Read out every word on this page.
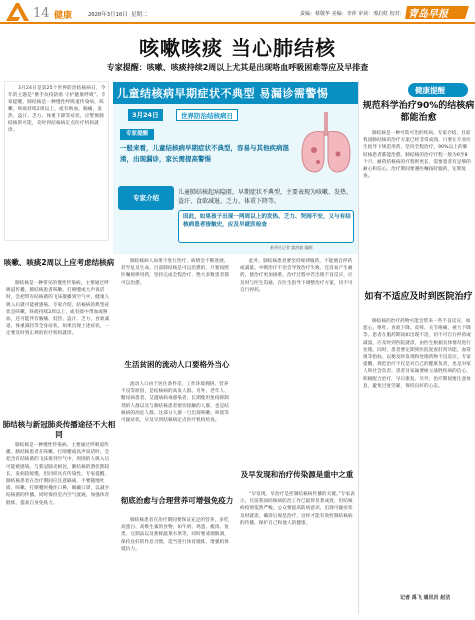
14 健康	2020年3月10日 星期二	责编：蔡敬华 美编：李萍 审读：邢启虹 校对： 青岛早报
咳嗽咳痰 当心肺结核
专家提醒：咳嗽、咳痰持续2周以上尤其是出现咯血呼吸困难等应及早排查
3月24日是第25个世界防治结核病日，今年的主题是“携手抗疫防痨 守护健康呼吸”。专家提醒，肺结核是一种慢性呼吸道传染病，咳嗽、咳痰持续2周以上，或有咯血、胸痛、发热、盗汗、乏力、体重下降等症状，应警惕肺结核的可能，及时到结核病定点医疗机构就诊。
儿童结核病早期症状不典型 易漏诊需警惕
3月24日	世界防治结核病日
专家提醒
一般来看，儿童结核病早期症状不典型，容易与其他疾病混淆，出现漏诊，家长需提高警惕
专家介绍
儿童肺结核起病隐匿，早期症状不典型，主要表现为咳嗽、发热、盗汗、食欲减退、乏力、体重下降等。
因此，如果孩子出现一两周以上的发热、乏力、哭闹不安，又与有结核病患者接触史，应及早就医检查
新华社记者 翁鸿毅 编制
健康提醒
规范科学治疗90%的结核病都能治愈

肺结核是一种可防可治的疾病。专家介绍，目前我国肺结核的治疗方案已经非常成熟，只要在专业医生指导下规范用药，坚持全程治疗，90%以上的肺结核患者都能治愈。肺结核的治疗疗程一般为6至8个月，耐药结核病的疗程则更长，需要患者有足够的耐心和信心。治疗期间要遵医嘱按时服药，定期复查。

如有不适应及时到医院治疗

肺结核的治疗药物可能会带来一些不良反应，如恶心、呕吐、食欲下降、皮疹、关节疼痛、视力下降等。患者在服药期间如出现不适，切不可自行停药或减量，应及时到医院就诊，由医生根据具体情况进行处理。同时，患者要定期到医院复查肝肾功能、血常规等指标，以便及时发现和处理药物不良反应。专家提醒，规范治疗不仅是对自己的健康负责，也是对家人和社会负责。患者及家属要树立战胜疾病的信心，积极配合治疗，早日康复。另外，治疗期间要注意休息，避免过度劳累，保持良好的心态。

记者 禹飞 通讯员 赵洁
咳嗽、咳痰2周以上应考虑结核病

肺结核是一种常见的慢性传染病，主要通过呼吸道传播。肺结核患者咳嗽、打喷嚏或大声说话时，会把带有结核菌的飞沫散播到空气中，健康人吸入后就可能被感染。专家介绍，结核病的典型症状是咳嗽、咳痰持续2周以上，或有痰中带血或咯血，还可能伴有胸痛、低热、盗汗、乏力、食欲减退、体重减轻等全身症状。如果出现上述症状，一定要及时到正规的医疗机构就诊。

肺结核与新冠肺炎传播途径不大相同

肺结核是一种慢性传染病，主要通过呼吸道传播。肺结核患者在咳嗽、打喷嚏或高声说话时，会把含有结核菌的飞沫排到空气中，周围的人吸入后可能被感染。与新冠肺炎相比，肺结核的潜伏期较长，发病较缓慢，但同样具有传染性。专家提醒，肺结核患者在治疗期间应注意隔离，不要随地吐痰，咳嗽、打喷嚏时掩住口鼻，佩戴口罩，以减少结核菌的传播。同时保持室内空气流通，加强体育锻炼，提高自身免疫力。

肺结核病人如果不进行治疗，病情会不断进展，甚至危及生命。目前肺结核是可以治愈的，只要按照医嘱规律用药，坚持完成全程治疗，绝大多数患者都可以治愈。

生活贫困的流动人口要格外当心

流动人口由于居住条件差、工作环境拥挤、营养不良等原因，是结核病的高发人群。另外，老年人、糖尿病患者、艾滋病病毒感染者、长期使用免疫抑制剂的人群以及与肺结核患者密切接触的人群，也是结核病的高危人群。这部分人群一旦出现咳嗽、咳痰等可疑症状，应及早到结核病定点医疗机构检查。

彻底治愈与合理营养可增强免疫力

肺结核患者在治疗期间要保证充足的营养，多吃高蛋白、高维生素的食物，如牛奶、鸡蛋、瘦肉、鱼类、豆制品以及新鲜蔬菜水果等，同时要戒烟限酒，保持良好的作息习惯，适当进行体育锻炼，增强机体抵抗力。

此外，肺结核患者要坚持规律服药，不能擅自停药或减量。中断治疗不但会导致治疗失败，还容易产生耐药，使治疗更加困难。治疗过程中若出现不良反应，应及时与医生沟通，在医生指导下调整治疗方案，切不可自行停药。

及早发现和治疗传染源是重中之重

“早发现、早治疗是控制结核病传播的关键。”专家表示，目前我国结核病防治工作已取得显著成效，但结核病疫情依然严峻。公众要提高防病意识，出现可疑症状及时就诊，确诊后规范治疗，这样才能有效控制结核病的传播，保护自己和他人的健康。
